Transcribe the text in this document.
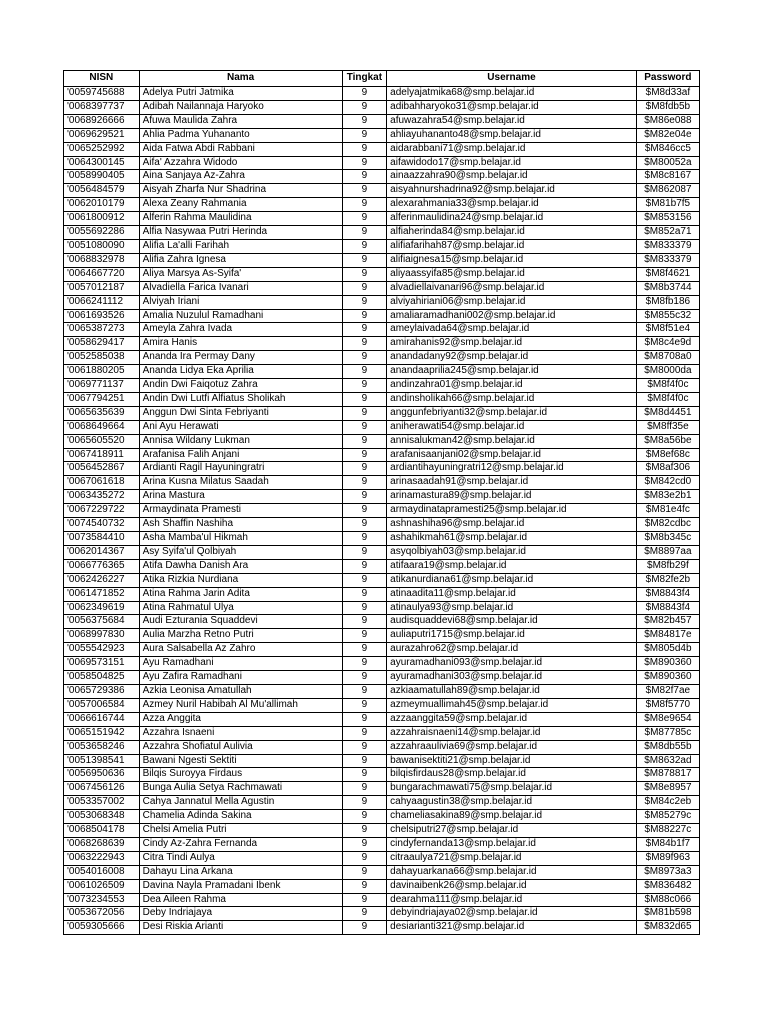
NISN	Nama	Tingkat	Username	Password
'0059745688	Adelya Putri Jatmika	9	adelyajatmika68@smp.belajar.id	$M8d33af
'0068397737	Adibah Nailannaja Haryoko	9	adibahharyoko31@smp.belajar.id	$M8fdb5b
'0068926666	Afuwa Maulida Zahra	9	afuwazahra54@smp.belajar.id	$M86e088
'0069629521	Ahlia Padma Yuhananto	9	ahliayuhananto48@smp.belajar.id	$M82e04e
'0065252992	Aida Fatwa Abdi Rabbani	9	aidarabbani71@smp.belajar.id	$M846cc5
'0064300145	Aifa' Azzahra Widodo	9	aifawidodo17@smp.belajar.id	$M80052a
'0058990405	Aina Sanjaya Az-Zahra	9	ainaazzahra90@smp.belajar.id	$M8c8167
'0056484579	Aisyah Zharfa Nur Shadrina	9	aisyahnurshadrina92@smp.belajar.id	$M862087
'0062010179	Alexa Zeany Rahmania	9	alexarahmania33@smp.belajar.id	$M81b7f5
'0061800912	Alferin Rahma Maulidina	9	alferinmaulidina24@smp.belajar.id	$M853156
'0055692286	Alfia Nasywaa Putri Herinda	9	alfiaherinda84@smp.belajar.id	$M852a71
'0051080090	Alifia La'alli Farihah	9	alifiafarihah87@smp.belajar.id	$M833379
'0068832978	Alifia Zahra Ignesa	9	alifiaignesa15@smp.belajar.id	$M833379
'0064667720	Aliya Marsya As-Syifa'	9	aliyaassyifa85@smp.belajar.id	$M8f4621
'0057012187	Alvadiella Farica Ivanari	9	alvadiellaivanari96@smp.belajar.id	$M8b3744
'0066241112	Alviyah Iriani	9	alviyahiriani06@smp.belajar.id	$M8fb186
'0061693526	Amalia Nuzulul Ramadhani	9	amaliaramadhani002@smp.belajar.id	$M855c32
'0065387273	Ameyla Zahra Ivada	9	ameylaivada64@smp.belajar.id	$M8f51e4
'0058629417	Amira Hanis	9	amirahanis92@smp.belajar.id	$M8c4e9d
'0052585038	Ananda Ira Permay Dany	9	anandadany92@smp.belajar.id	$M8708a0
'0061880205	Ananda Lidya Eka Aprilia	9	anandaaprilia245@smp.belajar.id	$M8000da
'0069771137	Andin Dwi Faiqotuz Zahra	9	andinzahra01@smp.belajar.id	$M8f4f0c
'0067794251	Andin Dwi Lutfi Alfiatus Sholikah	9	andinsholikah66@smp.belajar.id	$M8f4f0c
'0065635639	Anggun Dwi Sinta Febriyanti	9	anggunfebriyanti32@smp.belajar.id	$M8d4451
'0068649664	Ani Ayu Herawati	9	aniherawati54@smp.belajar.id	$M8ff35e
'0065605520	Annisa Wildany Lukman	9	annisalukman42@smp.belajar.id	$M8a56be
'0067418911	Arafanisa Falih Anjani	9	arafanisaanjani02@smp.belajar.id	$M8ef68c
'0056452867	Ardianti Ragil Hayuningratri	9	ardiantihayuningratri12@smp.belajar.id	$M8af306
'0067061618	Arina Kusna Milatus Saadah	9	arinasaadah91@smp.belajar.id	$M842cd0
'0063435272	Arina Mastura	9	arinamastura89@smp.belajar.id	$M83e2b1
'0067229722	Armaydinata Pramesti	9	armaydinatapramesti25@smp.belajar.id	$M81e4fc
'0074540732	Ash Shaffin Nashiha	9	ashnashiha96@smp.belajar.id	$M82cdbc
'0073584410	Asha Mamba'ul Hikmah	9	ashahikmah61@smp.belajar.id	$M8b345c
'0062014367	Asy Syifa'ul Qolbiyah	9	asyqolbiyah03@smp.belajar.id	$M8897aa
'0066776365	Atifa Dawha Danish Ara	9	atifaara19@smp.belajar.id	$M8fb29f
'0062426227	Atika Rizkia Nurdiana	9	atikanurdiana61@smp.belajar.id	$M82fe2b
'0061471852	Atina Rahma Jarin Adita	9	atinaadita11@smp.belajar.id	$M8843f4
'0062349619	Atina Rahmatul Ulya	9	atinaulya93@smp.belajar.id	$M8843f4
'0056375684	Audi Ezturania Squaddevi	9	audisquaddevi68@smp.belajar.id	$M82b457
'0068997830	Aulia Marzha Retno Putri	9	auliaputri1715@smp.belajar.id	$M84817e
'0055542923	Aura Salsabella Az Zahro	9	aurazahro62@smp.belajar.id	$M805d4b
'0069573151	Ayu Ramadhani	9	ayuramadhani093@smp.belajar.id	$M890360
'0058504825	Ayu Zafira Ramadhani	9	ayuramadhani303@smp.belajar.id	$M890360
'0065729386	Azkia Leonisa Amatullah	9	azkiaamatullah89@smp.belajar.id	$M82f7ae
'0057006584	Azmey Nuril Habibah Al Mu'allimah	9	azmeymuallimah45@smp.belajar.id	$M8f5770
'0066616744	Azza Anggita	9	azzaanggita59@smp.belajar.id	$M8e9654
'0065151942	Azzahra Isnaeni	9	azzahraisnaeni14@smp.belajar.id	$M87785c
'0053658246	Azzahra Shofiatul Aulivia	9	azzahraaulivia69@smp.belajar.id	$M8db55b
'0051398541	Bawani Ngesti Sektiti	9	bawanisektiti21@smp.belajar.id	$M8632ad
'0056950636	Bilqis Suroyya Firdaus	9	bilqisfirdaus28@smp.belajar.id	$M878817
'0067456126	Bunga Aulia Setya Rachmawati	9	bungarachmawati75@smp.belajar.id	$M8e8957
'0053357002	Cahya Jannatul Mella Agustin	9	cahyaagustin38@smp.belajar.id	$M84c2eb
'0053068348	Chamelia Adinda Sakina	9	chameliasakina89@smp.belajar.id	$M85279c
'0068504178	Chelsi Amelia Putri	9	chelsiputri27@smp.belajar.id	$M88227c
'0068268639	Cindy Az-Zahra Fernanda	9	cindyfernanda13@smp.belajar.id	$M84b1f7
'0063222943	Citra Tindi Aulya	9	citraaulya721@smp.belajar.id	$M89f963
'0054016008	Dahayu Lina Arkana	9	dahayuarkana66@smp.belajar.id	$M8973a3
'0061026509	Davina Nayla Pramadani Ibenk	9	davinaibenk26@smp.belajar.id	$M836482
'0073234553	Dea Aileen Rahma	9	dearahma111@smp.belajar.id	$M88c066
'0053672056	Deby Indriajaya	9	debyindriajaya02@smp.belajar.id	$M81b598
'0059305666	Desi Riskia Arianti	9	desiarianti321@smp.belajar.id	$M832d65
